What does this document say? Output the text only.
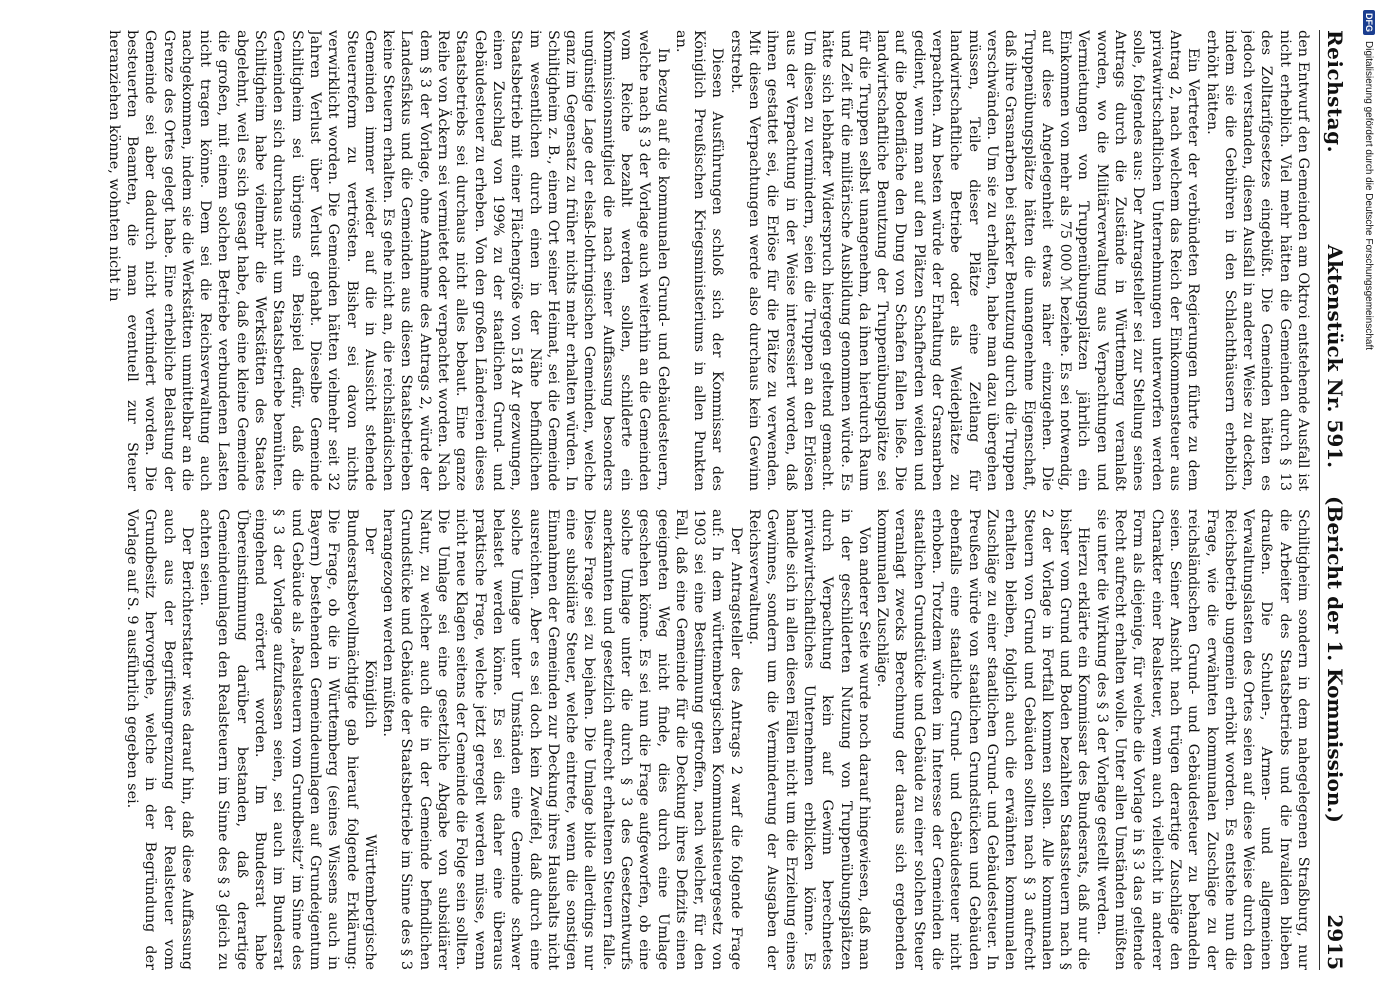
Reichstag.
Aktenstück Nr. 591.    (Bericht der 1. Kommission.)
2915

den Entwurf den Gemeinden am Oktroi entstehende Ausfall ist nicht erheblich. Viel mehr hätten die Gemeinden durch § 13 des Zolltarifgesetzes eingebüßt. Die Gemeinden hätten es jedoch verstanden, diesen Ausfall in anderer Weise zu decken, indem sie die Gebühren in den Schlachthäusern erheblich erhöht hätten.

Ein Vertreter der verbündeten Regierungen führte zu dem Antrag 2, nach welchem das Reich der Einkommensteuer aus privatwirtschaftlichen Unternehmungen unterworfen werden solle, folgendes aus: Der Antragsteller sei zur Stellung seines Antrags durch die Zustände in Württemberg veranlaßt worden, wo die Militärverwaltung aus Verpachtungen und Vermietungen von Truppenübungsplätzen jährlich ein Einkommen von mehr als 75 000 ℳ beziehe. Es sei notwendig, auf diese Angelegenheit etwas näher einzugehen. Die Truppenübungsplätze hätten die unangenehme Eigenschaft, daß ihre Grasnarben bei starker Benutzung durch die Truppen verschwänden. Um sie zu erhalten, habe man dazu übergehen müssen, Teile dieser Plätze eine Zeitlang für landwirtschaftliche Betriebe oder als Weideplätze zu verpachten. Am besten würde der Erhaltung der Grasnarben gedient, wenn man auf den Plätzen Schafherden weiden und auf die Bodenfläche den Dung von Schafen fallen ließe. Die landwirtschaftliche Benutzung der Truppenübungsplätze sei für die Truppen selbst unangenehm, da ihnen hierdurch Raum und Zeit für die militärische Ausbildung genommen würde. Es hätte sich lebhafter Widerspruch hiergegen geltend gemacht. Um diesen zu vermindern, seien die Truppen an den Erlösen aus der Verpachtung in der Weise interessiert worden, daß ihnen gestattet sei, die Erlöse für die Plätze zu verwenden. Mit diesen Verpachtungen werde also durchaus kein Gewinn erstrebt.

Diesen Ausführungen schloß sich der Kommissar des Königlich Preußischen Kriegsministeriums in allen Punkten an.

In bezug auf die kommunalen Grund- und Gebäudesteuern, welche nach § 3 der Vorlage auch weiterhin an die Gemeinden vom Reiche bezahlt werden sollen, schilderte ein Kommissionsmitglied die nach seiner Auffassung besonders ungünstige Lage der elsaß-lothringischen Gemeinden, welche ganz im Gegensatz zu früher nichts mehr erhalten würden. In Schiltigheim z. B., einem Ort seiner Heimat, sei die Gemeinde im wesentlichen durch einen in der Nähe befindlichen Staatsbetrieb mit einer Flächengröße von 518 Ar gezwungen, einen Zuschlag von 199% zu der staatlichen Grund- und Gebäudesteuer zu erheben. Von den großen Ländereien dieses Staatsbetriebs sei durchaus nicht alles bebaut. Eine ganze Reihe von Äckern sei vermietet oder verpachtet worden. Nach dem § 3 der Vorlage, ohne Annahme des Antrags 2, würde der Landesfiskus und die Gemeinden aus diesen Staatsbetrieben keine Steuern erhalten. Es gehe nicht an, die reichsländischen Gemeinden immer wieder auf die in Aussicht stehende Steuerreform zu vertrösten. Bisher sei davon nichts verwirklicht worden. Die Gemeinden hätten vielmehr seit 32 Jahren Verlust über Verlust gehabt. Dieselbe Gemeinde Schiltigheim sei übrigens ein Beispiel dafür, daß die Gemeinden sich durchaus nicht um Staatsbetriebe bemühten. Schiltigheim habe vielmehr die Werkstätten des Staates abgelehnt, weil es sich gesagt habe, daß eine kleine Gemeinde die großen, mit einem solchen Betriebe verbundenen Lasten nicht tragen könne. Dem sei die Reichsverwaltung auch nachgekommen, indem sie die Werkstätten unmittelbar an die Grenze des Ortes gelegt habe. Eine erhebliche Belastung der Gemeinde sei aber dadurch nicht verhindert worden. Die besteuerten Beamten, die man eventuell zur Steuer heranziehen könne, wohnten nicht in

Schiltigheim sondern in dem nahegelegenen Straßburg, nur die Arbeiter des Staatsbetriebs und die Invaliden blieben draußen. Die Schulen-, Armen- und allgemeinen Verwaltungslasten des Ortes seien auf diese Weise durch den Reichsbetrieb ungemein erhöht worden. Es entstehe nun die Frage, wie die erwähnten kommunalen Zuschläge zu der reichsländischen Grund- und Gebäudesteuer zu behandeln seien. Seiner Ansicht nach trügen derartige Zuschläge den Charakter einer Realsteuer, wenn auch vielleicht in anderer Form als diejenige, für welche die Vorlage in § 3 das geltende Recht aufrecht erhalten wolle. Unter allen Umständen müßten sie unter die Wirkung des § 3 der Vorlage gestellt werden.

Hierzu erklärte ein Kommissar des Bundesrats, daß nur die bisher vom Grund und Boden bezahlten Staatssteuern nach § 2 der Vorlage in Fortfall kommen sollen. Alle kommunalen Steuern von Grund und Gebäuden sollten nach § 3 aufrecht erhalten bleiben, folglich auch die erwähnten kommunalen Zuschläge zu einer staatlichen Grund- und Gebäudesteuer. In Preußen würde von staatlichen Grundstücken und Gebäuden ebenfalls eine staatliche Grund- und Gebäudesteuer nicht erhoben. Trotzdem würden im Interesse der Gemeinden die staatlichen Grundstücke und Gebäude zu einer solchen Steuer veranlagt zwecks Berechnung der daraus sich ergebenden kommunalen Zuschläge.

Von anderer Seite wurde noch darauf hingewiesen, daß man in der geschilderten Nutzung von Truppenübungsplätzen durch Verpachtung kein auf Gewinn berechnetes privatwirtschaftliches Unternehmen erblicken könne. Es handle sich in allen diesen Fällen nicht um die Erzielung eines Gewinnes, sondern um die Verminderung der Ausgaben der Reichsverwaltung.

Der Antragsteller des Antrags 2 warf die folgende Frage auf: In dem württembergischen Kommunalsteuergesetz von 1903 sei eine Bestimmung getroffen, nach welcher, für den Fall, daß eine Gemeinde für die Deckung ihres Defizits einen geeigneten Weg nicht finde, dies durch eine Umlage geschehen könne. Es sei nun die Frage aufgeworfen, ob eine solche Umlage unter die durch § 3 des Gesetzentwurfs anerkannten und gesetzlich aufrecht erhaltenen Steuern falle. Diese Frage sei zu bejahen. Die Umlage bilde allerdings nur eine subsidiäre Steuer, welche eintrete, wenn die sonstigen Einnahmen der Gemeinden zur Deckung ihres Haushalts nicht ausreichten. Aber es sei doch kein Zweifel, daß durch eine solche Umlage unter Umständen eine Gemeinde schwer belastet werden könne. Es sei dies daher eine überaus praktische Frage, welche jetzt geregelt werden müsse, wenn nicht neue Klagen seitens der Gemeinde die Folge sein sollten. Die Umlage sei eine gesetzliche Abgabe von subsidiärer Natur, zu welcher auch die in der Gemeinde befindlichen Grundstücke und Gebäude der Staatsbetriebe im Sinne des § 3 herangezogen werden müßten.

Der Königlich Württembergische Bundesratsbevollmächtigte gab hierauf folgende Erklärung: Die Frage, ob die in Württemberg (seines Wissens auch in Bayern) bestehenden Gemeindeumlagen auf Grundeigentum und Gebäude als „Realsteuern vom Grundbesitz“ im Sinne des § 3 der Vorlage aufzufassen seien, sei auch im Bundesrat eingehend erörtert worden. Im Bundesrat habe Übereinstimmung darüber bestanden, daß derartige Gemeindeumlagen den Realsteuern im Sinne des § 3 gleich zu achten seien.

Der Berichterstatter wies darauf hin, daß diese Auffassung auch aus der Begriffsumgrenzung der Realsteuer vom Grundbesitz hervorgehe, welche in der Begründung der Vorlage auf S. 9 ausführlich gegeben sei.

DFG
Digitalisierung gefördert durch die Deutsche Forschungsgemeinschaft
